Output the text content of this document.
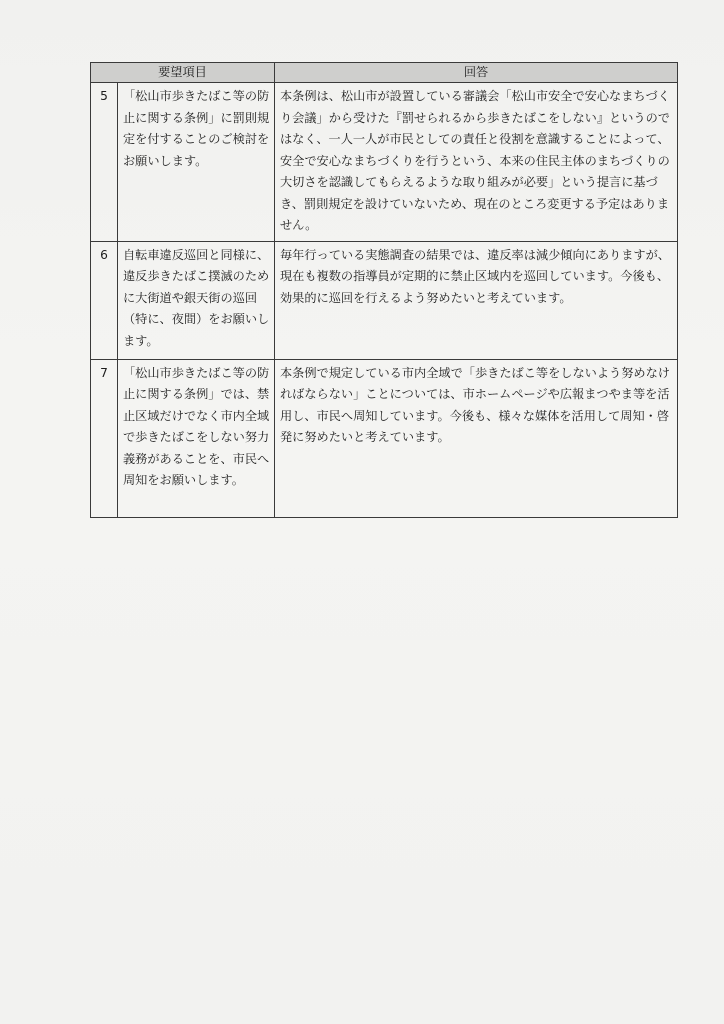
要望項目		回答
5	「松山市歩きたばこ等の防止に関する条例」に罰則規定を付することのご検討をお願いします。	本条例は、松山市が設置している審議会「松山市安全で安心なまちづくり会議」から受けた『罰せられるから歩きたばこをしない』というのではなく、一人一人が市民としての責任と役割を意識することによって、安全で安心なまちづくりを行うという、本来の住民主体のまちづくりの大切さを認識してもらえるような取り組みが必要」という提言に基づき、罰則規定を設けていないため、現在のところ変更する予定はありません。
6	自転車違反巡回と同様に、違反歩きたばこ撲滅のために大街道や銀天街の巡回（特に、夜間）をお願いします。	毎年行っている実態調査の結果では、違反率は減少傾向にありますが、現在も複数の指導員が定期的に禁止区域内を巡回しています。今後も、効果的に巡回を行えるよう努めたいと考えています。
7	「松山市歩きたばこ等の防止に関する条例」では、禁止区域だけでなく市内全域で歩きたばこをしない努力義務があることを、市民へ周知をお願いします。	本条例で規定している市内全域で「歩きたばこ等をしないよう努めなければならない」ことについては、市ホームページや広報まつやま等を活用し、市民へ周知しています。今後も、様々な媒体を活用して周知・啓発に努めたいと考えています。
